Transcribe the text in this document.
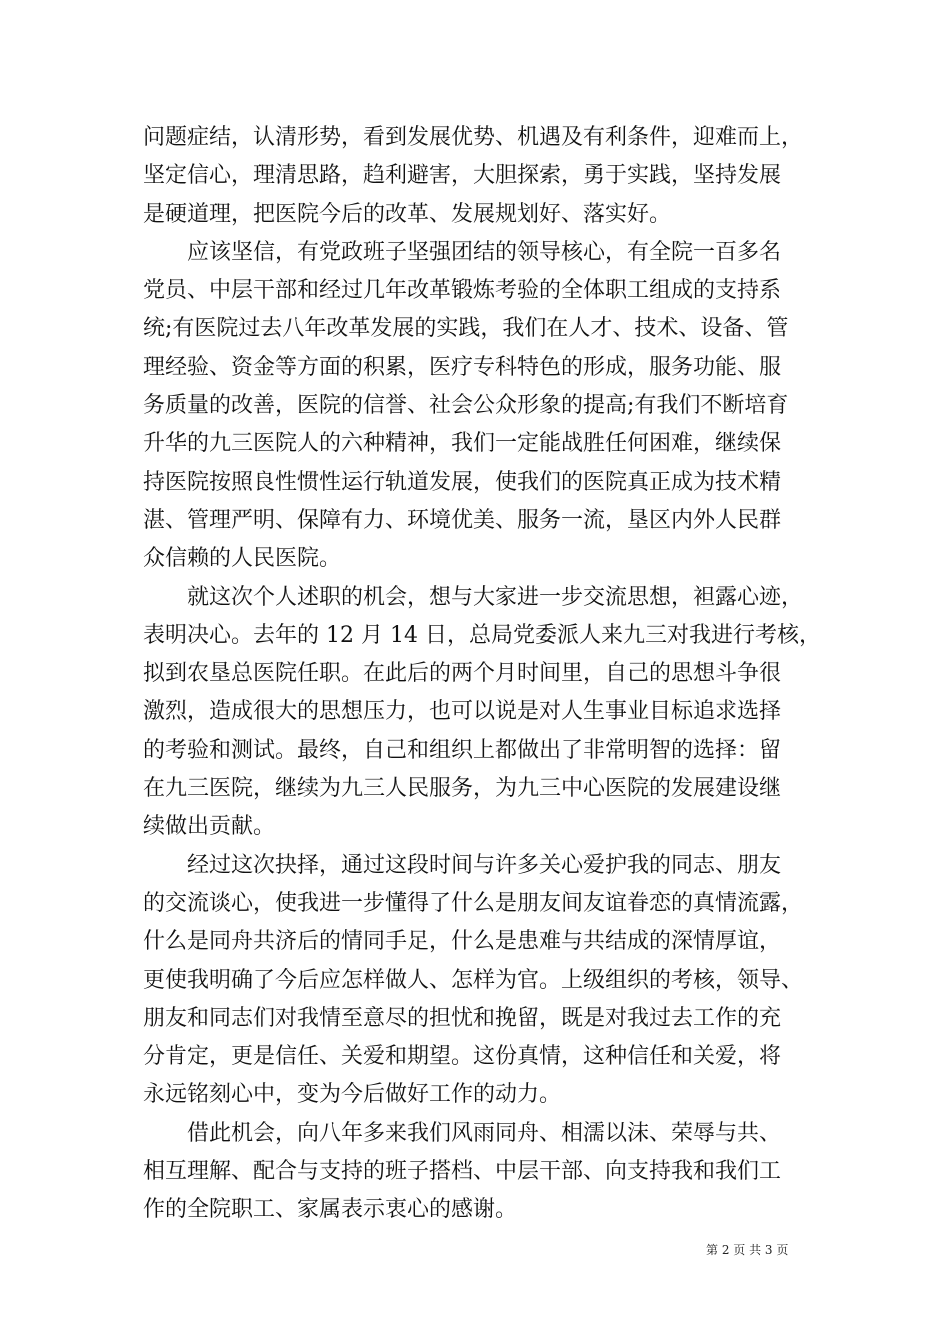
问题症结，认清形势，看到发展优势、机遇及有利条件，迎难而上，
坚定信心，理清思路，趋利避害，大胆探索，勇于实践，坚持发展
是硬道理，把医院今后的改革、发展规划好、落实好。
应该坚信，有党政班子坚强团结的领导核心，有全院一百多名
党员、中层干部和经过几年改革锻炼考验的全体职工组成的支持系
统;有医院过去八年改革发展的实践，我们在人才、技术、设备、管
理经验、资金等方面的积累，医疗专科特色的形成，服务功能、服
务质量的改善，医院的信誉、社会公众形象的提高;有我们不断培育
升华的九三医院人的六种精神，我们一定能战胜任何困难，继续保
持医院按照良性惯性运行轨道发展，使我们的医院真正成为技术精
湛、管理严明、保障有力、环境优美、服务一流，垦区内外人民群
众信赖的人民医院。
就这次个人述职的机会，想与大家进一步交流思想，袒露心迹，
表明决心。去年的 12 月 14 日，总局党委派人来九三对我进行考核，
拟到农垦总医院任职。在此后的两个月时间里，自己的思想斗争很
激烈，造成很大的思想压力，也可以说是对人生事业目标追求选择
的考验和测试。最终，自己和组织上都做出了非常明智的选择：留
在九三医院，继续为九三人民服务，为九三中心医院的发展建设继
续做出贡献。
经过这次抉择，通过这段时间与许多关心爱护我的同志、朋友
的交流谈心，使我进一步懂得了什么是朋友间友谊眷恋的真情流露，
什么是同舟共济后的情同手足，什么是患难与共结成的深情厚谊，
更使我明确了今后应怎样做人、怎样为官。上级组织的考核，领导、
朋友和同志们对我情至意尽的担忧和挽留，既是对我过去工作的充
分肯定，更是信任、关爱和期望。这份真情，这种信任和关爱，将
永远铭刻心中，变为今后做好工作的动力。
借此机会，向八年多来我们风雨同舟、相濡以沫、荣辱与共、
相互理解、配合与支持的班子搭档、中层干部、向支持我和我们工
作的全院职工、家属表示衷心的感谢。
第 2 页 共 3 页
